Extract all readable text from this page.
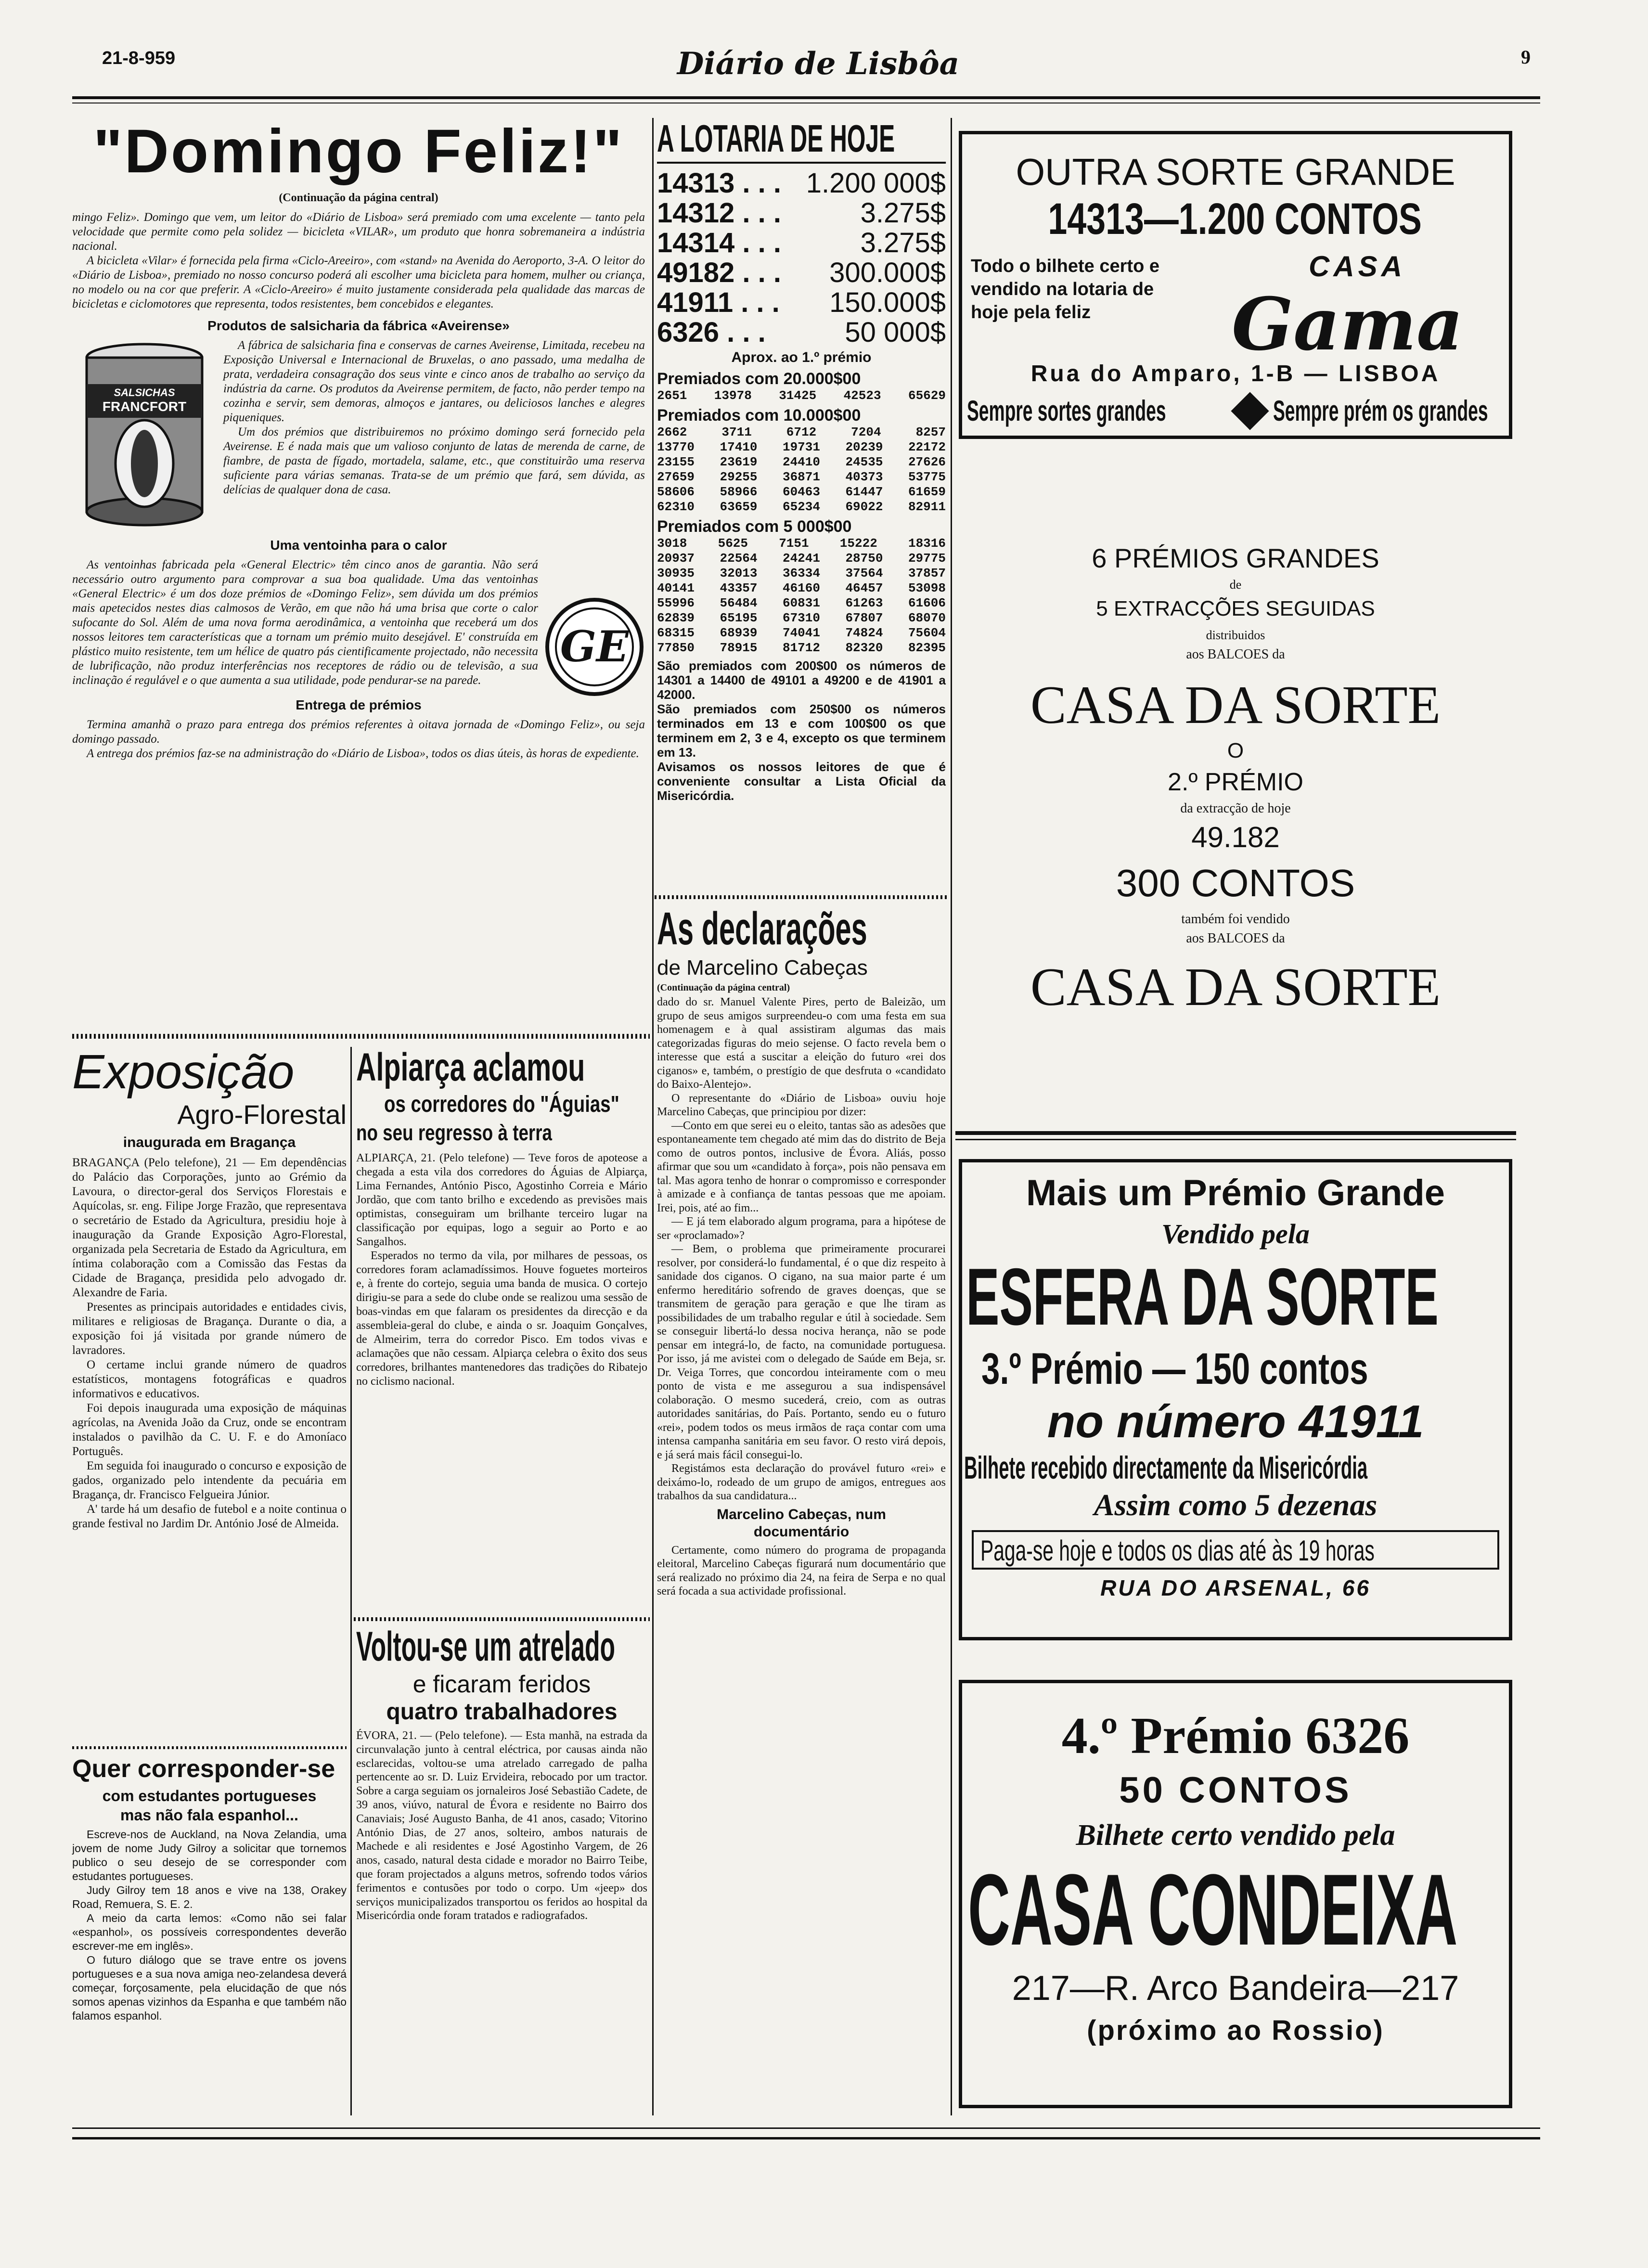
21-8-959	Diário de Lisbôa	9
"Domingo Feliz!"
(Continuação da página central)
mingo Feliz». Domingo que vem, um leitor do «Diário de Lisboa» será premiado com uma excelente — tanto pela velocidade que permite como pela solidez — bicicleta «VILAR», um produto que honra sobremaneira a indústria nacional.
A bicicleta «Vilar» é fornecida pela firma «Ciclo-Areeiro», com «stand» na Avenida do Aeroporto, 3-A. O leitor do «Diário de Lisboa», premiado no nosso concurso poderá ali escolher uma bicicleta para homem, mulher ou criança, no modelo ou na cor que preferir. A «Ciclo-Areeiro» é muito justamente considerada pela qualidade das marcas de bicicletas e ciclomotores que representa, todos resistentes, bem concebidos e elegantes.
Produtos de salsicharia da fábrica «Aveirense»
SALSICHAS
FRANCFORT
A fábrica de salsicharia fina e conservas de carnes Aveirense, Limitada, recebeu na Exposição Universal e Internacional de Bruxelas, o ano passado, uma medalha de prata, verdadeira consagração dos seus vinte e cinco anos de trabalho ao serviço da indústria da carne. Os produtos da Aveirense permitem, de facto, não perder tempo na cozinha e servir, sem demoras, almoços e jantares, ou deliciosos lanches e alegres piqueniques.
Um dos prémios que distribuiremos no próximo domingo será fornecido pela Aveirense. E é nada mais que um valioso conjunto de latas de merenda de carne, de fiambre, de pasta de fígado, mortadela, salame, etc., que constituirão uma reserva suficiente para várias semanas. Trata-se de um prémio que fará, sem dúvida, as delícias de qualquer dona de casa.
Uma ventoinha para o calor
GE
As ventoinhas fabricada pela «General Electric» têm cinco anos de garantia. Não será necessário outro argumento para comprovar a sua boa qualidade. Uma das ventoinhas «General Electric» é um dos doze prémios de «Domingo Feliz», sem dúvida um dos prémios mais apetecidos nestes dias calmosos de Verão, em que não há uma brisa que corte o calor sufocante do Sol. Além de uma nova forma aerodinâmica, a ventoinha que receberá um dos nossos leitores tem características que a tornam um prémio muito desejável. E' construída em plástico muito resistente, tem um hélice de quatro pás cientificamente projectado, não necessita de lubrificação, não produz interferências nos receptores de rádio ou de televisão, a sua inclinação é regulável e o que aumenta a sua utilidade, pode pendurar-se na parede.
Entrega de prémios
Termina amanhã o prazo para entrega dos prémios referentes à oitava jornada de «Domingo Feliz», ou seja domingo passado.
A entrega dos prémios faz-se na administração do «Diário de Lisboa», todos os dias úteis, às horas de expediente.
A LOTARIA DE HOJE
14313 . . . 1.200 000$
14312 . . .	3.275$
14314 . . .	3.275$
49182 . . . 300.000$
41911 . . . 150.000$
6326 . . .	50 000$
Aprox. ao 1.º prémio
Premiados com 20.000$00
2651 13978 31425 42523 65629
Premiados com 10.000$00
2662	3711	6712	7204	8257
13770 17410 19731 20239 22172
23155 23619 24410 24535 27626
27659 29255 36871 40373 53775
58606 58966 60463 61447 61659
62310 63659 65234 69022 82911
Premiados com 5 000$00
3018 5625 7151 15222 18316
20937 22564 24241 28750 29775
30935 32013 36334 37564 37857
40141 43357 46160 46457 53098
55996 56484 60831 61263 61606
62839 65195 67310 67807 68070
68315 68939 74041 74824 75604
77850 78915 81712 82320 82395
São premiados com 200$00 os números de 14301 a 14400 de 49101 a 49200 e de 41901 a 42000.
São premiados com 250$00 os números terminados em 13 e com 100$00 os que terminem em 2, 3 e 4, excepto os que terminem em 13.
Avisamos os nossos leitores de que é conveniente consultar a Lista Oficial da Misericórdia.
As declarações
de Marcelino Cabeças
(Continuação da página central)
dado do sr. Manuel Valente Pires, perto de Baleizão, um grupo de seus amigos surpreendeu-o com uma festa em sua homenagem e à qual assistiram algumas das mais categorizadas figuras do meio sejense. O facto revela bem o interesse que está a suscitar a eleição do futuro «rei dos ciganos» e, também, o prestígio de que desfruta o «candidato do Baixo-Alentejo».
O representante do «Diário de Lisboa» ouviu hoje Marcelino Cabeças, que principiou por dizer:
—Conto em que serei eu o eleito, tantas são as adesões que espontaneamente tem chegado até mim das do distrito de Beja como de outros pontos, inclusive de Évora. Aliás, posso afirmar que sou um «candidato à força», pois não pensava em tal. Mas agora tenho de honrar o compromisso e corresponder à amizade e à confiança de tantas pessoas que me apoiam. Irei, pois, até ao fim...
— E já tem elaborado algum programa, para a hipótese de ser «proclamado»?
— Bem, o problema que primeiramente procurarei resolver, por considerá-lo fundamental, é o que diz respeito à sanidade dos ciganos. O cigano, na sua maior parte é um enfermo hereditário sofrendo de graves doenças, que se transmitem de geração para geração e que lhe tiram as possibilidades de um trabalho regular e útil à sociedade. Sem se conseguir libertá-lo dessa nociva herança, não se pode pensar em integrá-lo, de facto, na comunidade portuguesa. Por isso, já me avistei com o delegado de Saúde em Beja, sr. Dr. Veiga Torres, que concordou inteiramente com o meu ponto de vista e me assegurou a sua indispensável colaboração. O mesmo sucederá, creio, com as outras autoridades sanitárias, do País. Portanto, sendo eu o futuro «rei», podem todos os meus irmãos de raça contar com uma intensa campanha sanitária em seu favor. O resto virá depois, e já será mais fácil consegui-lo.
Registámos esta declaração do provável futuro «rei» e deixámo-lo, rodeado de um grupo de amigos, entregues aos trabalhos da sua candidatura...
Marcelino Cabeças, num documentário
Certamente, como número do programa de propaganda eleitoral, Marcelino Cabeças figurará num documentário que será realizado no próximo dia 24, na feira de Serpa e no qual será focada a sua actividade profissional.
Exposição
Agro-Florestal
inaugurada em Bragança
BRAGANÇA (Pelo telefone), 21 — Em dependências do Palácio das Corporações, junto ao Grémio da Lavoura, o director-geral dos Serviços Florestais e Aquícolas, sr. eng. Filipe Jorge Frazão, que representava o secretário de Estado da Agricultura, presidiu hoje à inauguração da Grande Exposição Agro-Florestal, organizada pela Secretaria de Estado da Agricultura, em íntima colaboração com a Comissão das Festas da Cidade de Bragança, presidida pelo advogado dr. Alexandre de Faria.
Presentes as principais autoridades e entidades civis, militares e religiosas de Bragança. Durante o dia, a exposição foi já visitada por grande número de lavradores.
O certame inclui grande número de quadros estatísticos, montagens fotográficas e quadros informativos e educativos.
Foi depois inaugurada uma exposição de máquinas agrícolas, na Avenida João da Cruz, onde se encontram instalados o pavilhão da C. U. F. e do Amoníaco Português.
Em seguida foi inaugurado o concurso e exposição de gados, organizado pelo intendente da pecuária em Bragança, dr. Francisco Felgueira Júnior.
A' tarde há um desafio de futebol e a noite continua o grande festival no Jardim Dr. António José de Almeida.
Quer corresponder-se
com estudantes portugueses mas não fala espanhol...
Escreve-nos de Auckland, na Nova Zelandia, uma jovem de nome Judy Gilroy a solicitar que tornemos publico o seu desejo de se corresponder com estudantes portugueses.
Judy Gilroy tem 18 anos e vive na 138, Orakey Road, Remuera, S. E. 2.
A meio da carta lemos: «Como não sei falar «espanhol», os possíveis correspondentes deverão escrever-me em inglês».
O futuro diálogo que se trave entre os jovens portugueses e a sua nova amiga neo-zelandesa deverá começar, forçosamente, pela elucidação de que nós somos apenas vizinhos da Espanha e que também não falamos espanhol.
Alpiarça aclamou
os corredores do "Águias"
no seu regresso à terra
ALPIARÇA, 21. (Pelo telefone) — Teve foros de apoteose a chegada a esta vila dos corredores do Águias de Alpiarça, Lima Fernandes, António Pisco, Agostinho Correia e Mário Jordão, que com tanto brilho e excedendo as previsões mais optimistas, conseguiram um brilhante terceiro lugar na classificação por equipas, logo a seguir ao Porto e ao Sangalhos.
Esperados no termo da vila, por milhares de pessoas, os corredores foram aclamadíssimos. Houve foguetes morteiros e, à frente do cortejo, seguia uma banda de musica. O cortejo dirigiu-se para a sede do clube onde se realizou uma sessão de boas-vindas em que falaram os presidentes da direcção e da assembleia-geral do clube, e ainda o sr. Joaquim Gonçalves, de Almeirim, terra do corredor Pisco. Em todos vivas e aclamações que não cessam. Alpiarça celebra o êxito dos seus corredores, brilhantes mantenedores das tradições do Ribatejo no ciclismo nacional.
Voltou-se um atrelado
e ficaram feridos
quatro trabalhadores
ÉVORA, 21. — (Pelo telefone). — Esta manhã, na estrada da circunvalação junto à central eléctrica, por causas ainda não esclarecidas, voltou-se uma atrelado carregado de palha pertencente ao sr. D. Luiz Ervideira, rebocado por um tractor. Sobre a carga seguiam os jornaleiros José Sebastião Cadete, de 39 anos, viúvo, natural de Évora e residente no Bairro dos Canaviais; José Augusto Banha, de 41 anos, casado; Vitorino António Dias, de 27 anos, solteiro, ambos naturais de Machede e ali residentes e José Agostinho Vargem, de 26 anos, casado, natural desta cidade e morador no Bairro Teibe, que foram projectados a alguns metros, sofrendo todos vários ferimentos e contusões por todo o corpo. Um «jeep» dos serviços municipalizados transportou os feridos ao hospital da Misericórdia onde foram tratados e radiografados.
OUTRA SORTE GRANDE
14313—1.200 CONTOS
Todo o bilhete certo e vendido na lotaria de hoje pela feliz
CASA
Gama
Rua do Amparo, 1-B — LISBOA
Sempre sortes grandes	Sempre prém os grandes
6 PRÉMIOS GRANDES
de
5 EXTRACÇÕES SEGUIDAS
distribuidos
aos BALCOES da
CASA DA SORTE
O
2.º PRÉMIO
da extracção de hoje
49.182
300 CONTOS
também foi vendido
aos BALCOES da
CASA DA SORTE
Mais um Prémio Grande
Vendido pela
ESFERA DA SORTE
3.º Prémio — 150 contos
no número 41911
Bilhete recebido directamente da Misericórdia
Assim como 5 dezenas
Paga-se hoje e todos os dias até às 19 horas
RUA DO ARSENAL, 66
4.º Prémio 6326
50 CONTOS
Bilhete certo vendido pela
CASA CONDEIXA
217—R. Arco Bandeira—217
(próximo ao Rossio)
